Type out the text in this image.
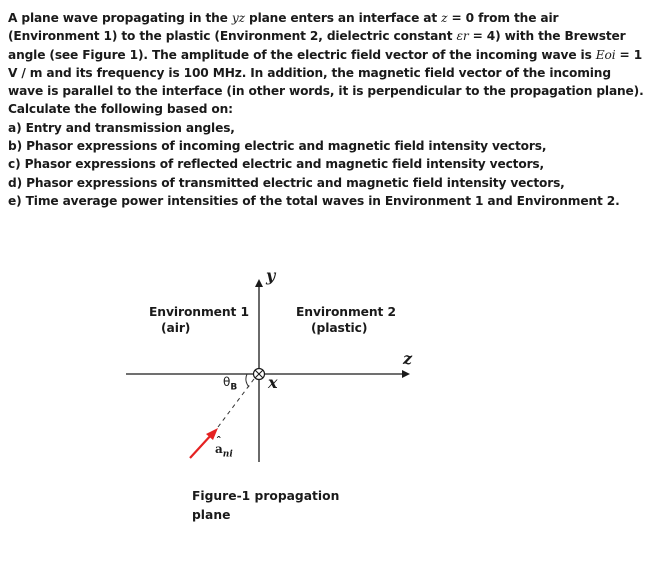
A plane wave propagating in the yz plane enters an interface at z = 0 from the air (Environment 1) to the plastic (Environment 2, dielectric constant εr = 4) with the Brewster angle (see Figure 1). The amplitude of the electric field vector of the incoming wave is Eoi = 1 V / m and its frequency is 100 MHz. In addition, the magnetic field vector of the incoming wave is parallel to the interface (in other words, it is perpendicular to the propagation plane). Calculate the following based on:

a) Entry and transmission angles,
b) Phasor expressions of incoming electric and magnetic field intensity vectors,
c) Phasor expressions of reflected electric and magnetic field intensity vectors,
d) Phasor expressions of transmitted electric and magnetic field intensity vectors,
e) Time average power intensities of the total waves in Environment 1 and Environment 2.
Environment 1
(air)
Environment 2
(plastic)
y
z
x
$\theta_B$
ˆ $a_{ni}$
Figure-1 propagation
plane
